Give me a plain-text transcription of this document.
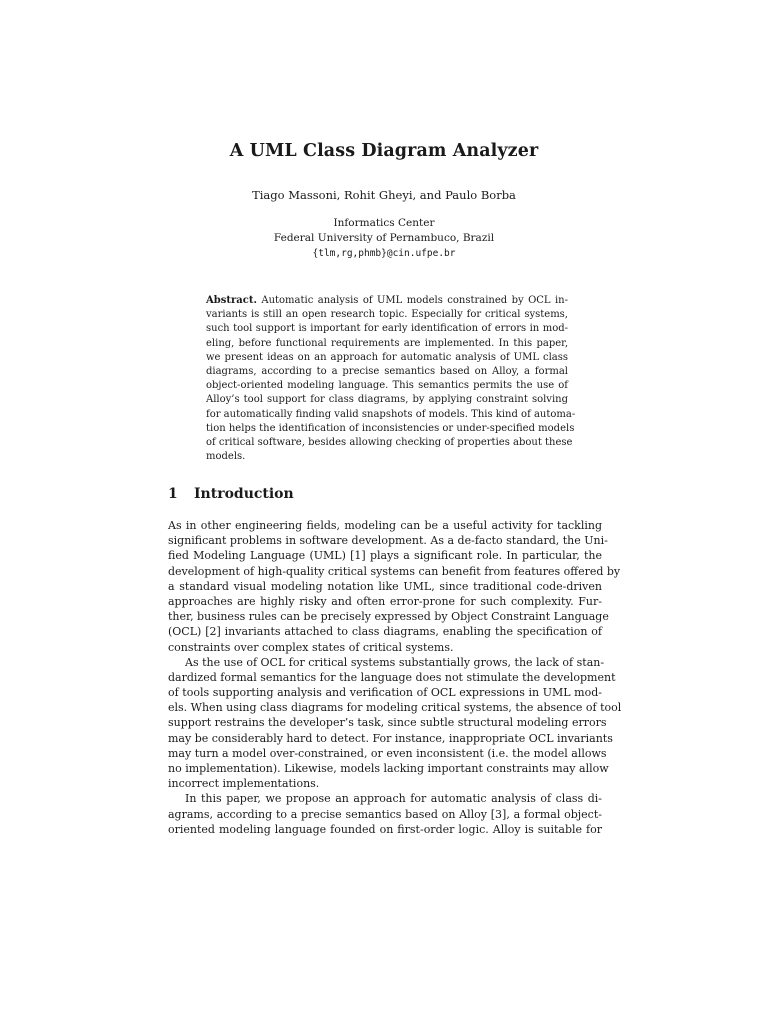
A UML Class Diagram Analyzer
Tiago Massoni, Rohit Gheyi, and Paulo Borba
Informatics Center
Federal University of Pernambuco, Brazil
{tlm,rg,phmb}@cin.ufpe.br
Abstract. Automatic analysis of UML models constrained by OCL in-
variants is still an open research topic. Especially for critical systems,
such tool support is important for early identification of errors in mod-
eling, before functional requirements are implemented. In this paper,
we present ideas on an approach for automatic analysis of UML class
diagrams, according to a precise semantics based on Alloy, a formal
object-oriented modeling language. This semantics permits the use of
Alloy’s tool support for class diagrams, by applying constraint solving
for automatically finding valid snapshots of models. This kind of automa-
tion helps the identification of inconsistencies or under-specified models
of critical software, besides allowing checking of properties about these
models.
1 Introduction
As in other engineering fields, modeling can be a useful activity for tackling
significant problems in software development. As a de-facto standard, the Uni-
fied Modeling Language (UML) [1] plays a significant role. In particular, the
development of high-quality critical systems can benefit from features offered by
a standard visual modeling notation like UML, since traditional code-driven
approaches are highly risky and often error-prone for such complexity. Fur-
ther, business rules can be precisely expressed by Object Constraint Language
(OCL) [2] invariants attached to class diagrams, enabling the specification of
constraints over complex states of critical systems.
As the use of OCL for critical systems substantially grows, the lack of stan-
dardized formal semantics for the language does not stimulate the development
of tools supporting analysis and verification of OCL expressions in UML mod-
els. When using class diagrams for modeling critical systems, the absence of tool
support restrains the developer’s task, since subtle structural modeling errors
may be considerably hard to detect. For instance, inappropriate OCL invariants
may turn a model over-constrained, or even inconsistent (i.e. the model allows
no implementation). Likewise, models lacking important constraints may allow
incorrect implementations.
In this paper, we propose an approach for automatic analysis of class di-
agrams, according to a precise semantics based on Alloy [3], a formal object-
oriented modeling language founded on first-order logic. Alloy is suitable for
